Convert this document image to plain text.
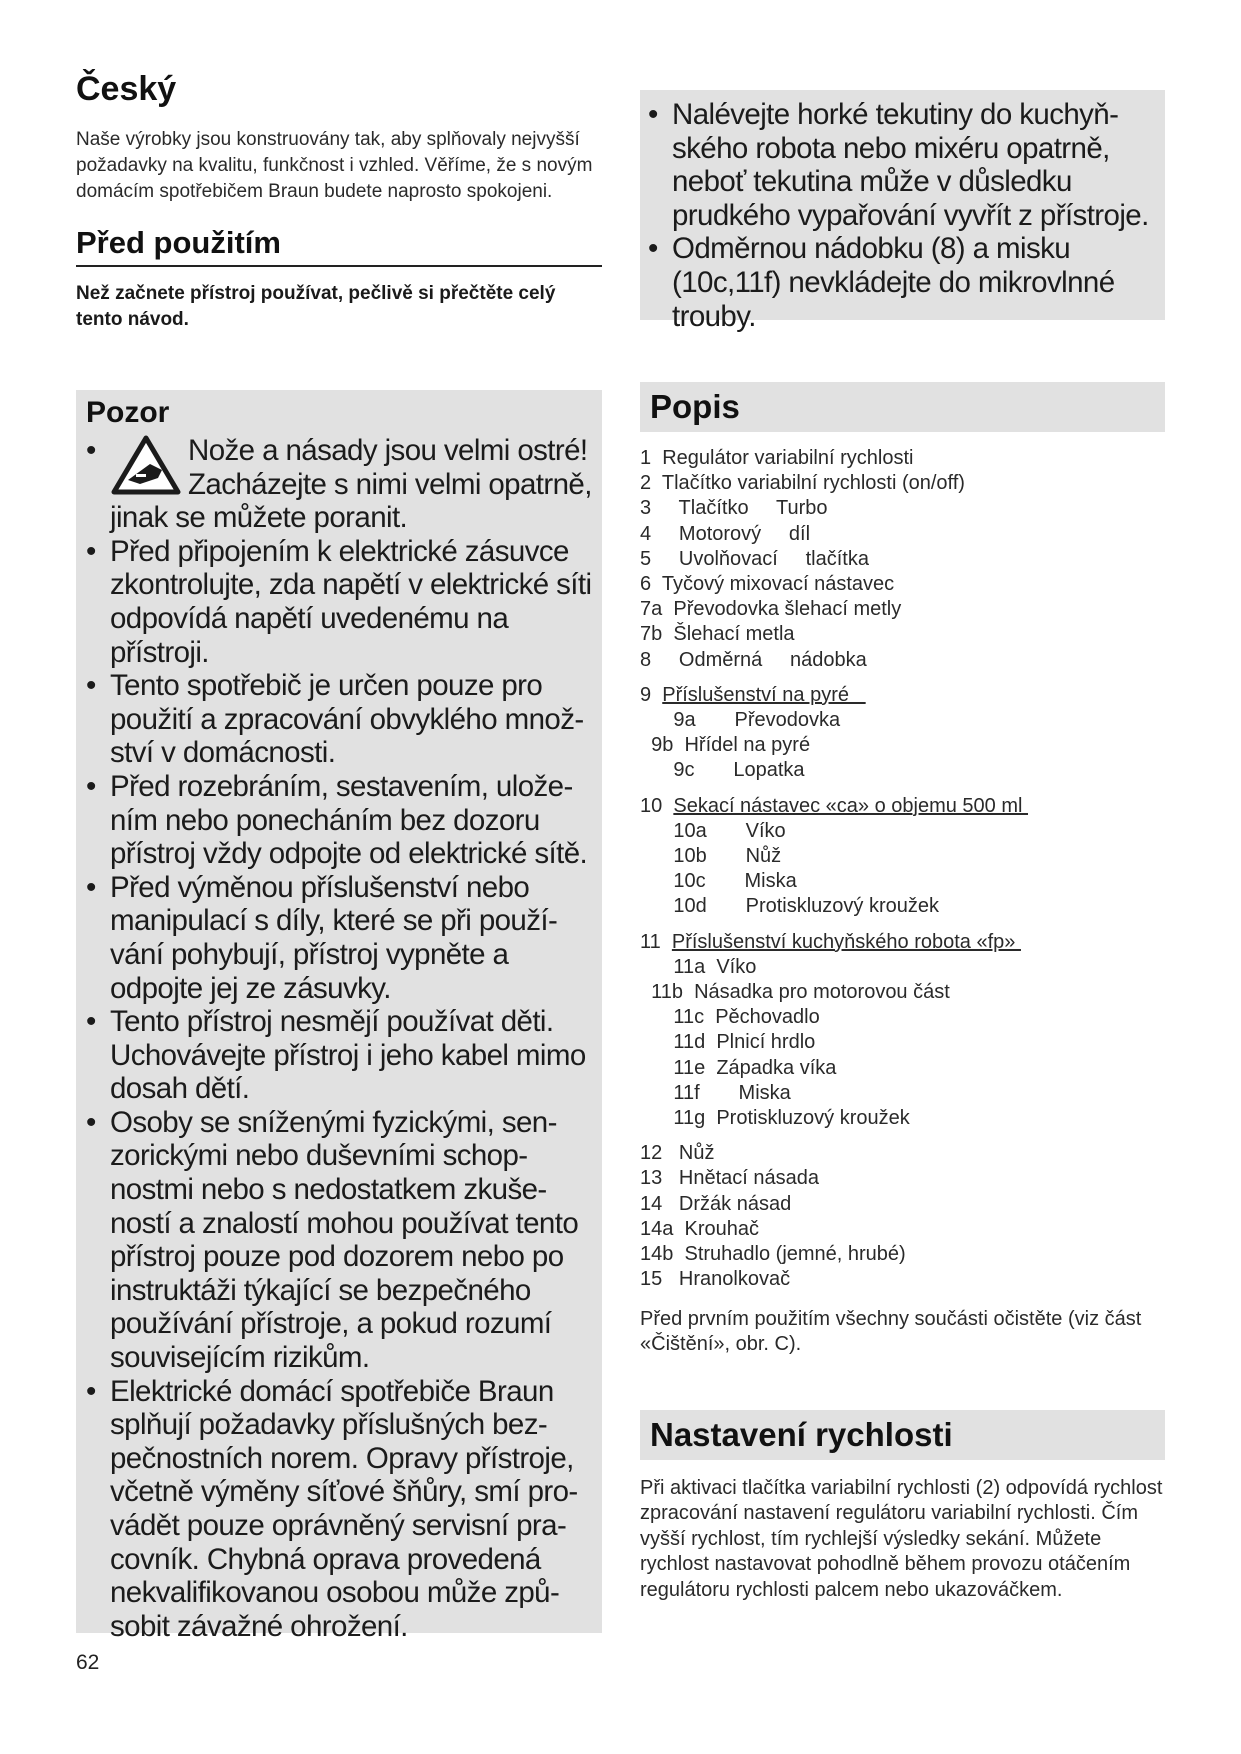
Český

Naše výrobky jsou konstruovány tak, aby splňovaly nejvyšší požadavky na kvalitu, funkčnost i vzhled. Věříme, že s novým domácím spotřebičem Braun budete naprosto spokojeni.

Před použitím

Než začnete přístroj používat, pečlivě si přečtěte celý tento návod.

Pozor
• Nože a násady jsou velmi ostré! Zacházejte s nimi velmi opatrně, jinak se můžete poranit.
• Před připojením k elektrické zásuvce zkontrolujte, zda napětí v elektrické síti odpovídá napětí uvedenému na přístroji.
• Tento spotřebič je určen pouze pro použití a zpracování obvyklého množství v domácnosti.
• Před rozebráním, sestavením, uložením nebo ponecháním bez dozoru přístroj vždy odpojte od elektrické sítě.
• Před výměnou příslušenství nebo manipulací s díly, které se při používání pohybují, přístroj vypněte a odpojte jej ze zásuvky.
• Tento přístroj nesmějí používat děti. Uchovávejte přístroj i jeho kabel mimo dosah dětí.
• Osoby se sníženými fyzickými, senzorickými nebo duševními schopnostmi nebo s nedostatkem zkušeností a znalostí mohou používat tento přístroj pouze pod dozorem nebo po instruktáži týkající se bezpečného používání přístroje, a pokud rozumí souvisejícím rizikům.
• Elektrické domácí spotřebiče Braun splňují požadavky příslušných bezpečnostních norem. Opravy přístroje, včetně výměny síťové šňůry, smí provádět pouze oprávněný servisní pracovník. Chybná oprava provedená nekvalifikovanou osobou může způsobit závažné ohrožení.
62
• Nalévejte horké tekutiny do kuchyňského robota nebo mixéru opatrně, neboť tekutina může v důsledku prudkého vypařování vyvřít z přístroje.
• Odměrnou nádobku (8) a misku (10c,11f) nevkládejte do mikrovlnné trouby.
Popis
1  Regulátor variabilní rychlosti
2  Tlačítko variabilní rychlosti (on/off)
3     Tlačítko     Turbo
4     Motorový     díl
5     Uvolňovací     tlačítka
6  Tyčový mixovací nástavec
7a  Převodovka šlehací metly
7b  Šlehací metla
8     Odměrná     nádobka
9  Příslušenství na pyré
9a       Převodovka
9b  Hřídel na pyré
9c       Lopatka
10  Sekací nástavec «ca» o objemu 500 ml
10a       Víko
10b       Nůž
10c       Miska
10d       Protiskluzový kroužek
11  Příslušenství kuchyňského robota «fp»
11a  Víko
11b  Násadka pro motorovou část
11c  Pěchovadlo
11d  Plnicí hrdlo
11e  Západka víka
11f       Miska
11g  Protiskluzový kroužek
12   Nůž
13   Hnětací násada
14   Držák násad
14a  Krouhač
14b  Struhadlo (jemné, hrubé)
15   Hranolkovač

Před prvním použitím všechny součásti očistěte (viz část «Čištění», obr. C).

Nastavení rychlosti

Při aktivaci tlačítka variabilní rychlosti (2) odpovídá rychlost zpracování nastavení regulátoru variabilní rychlosti. Čím vyšší rychlost, tím rychlejší výsledky sekání. Můžete rychlost nastavovat pohodlně během provozu otáčením regulátoru rychlosti palcem nebo ukazováčkem.
